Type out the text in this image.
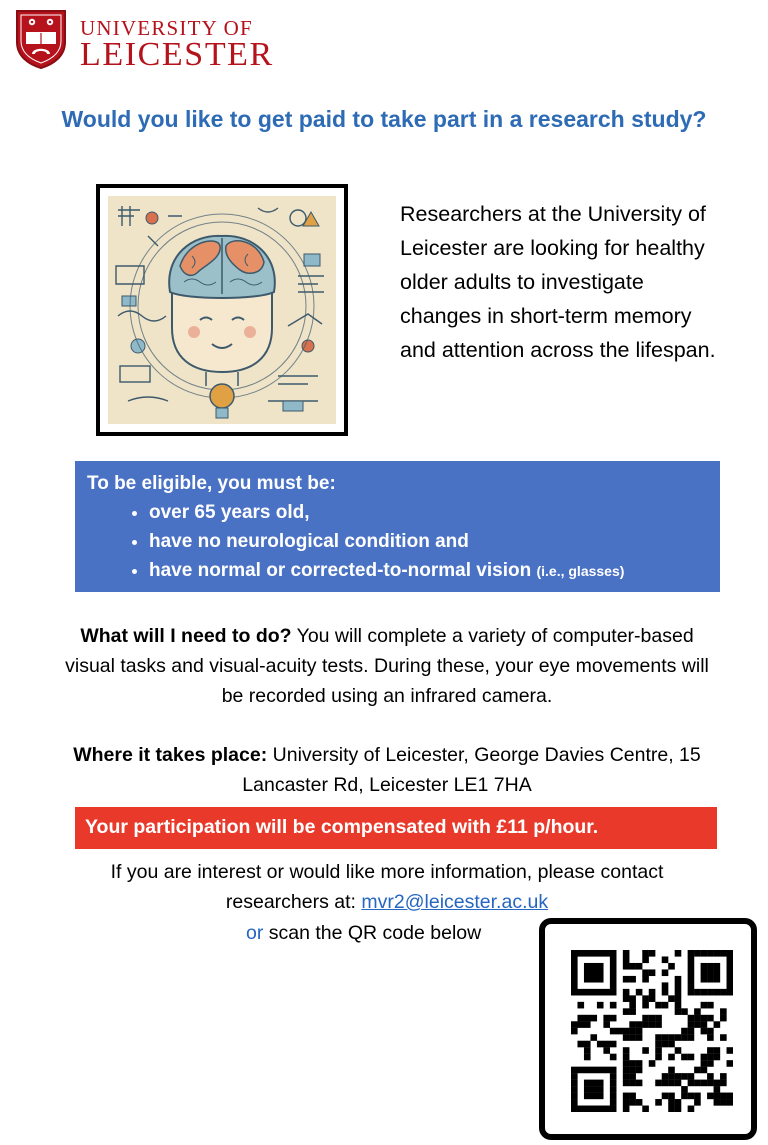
UNIVERSITY OF
LEICESTER
Would you like to get paid to take part in a research study?
Researchers at the University of Leicester are looking for healthy older adults to investigate changes in short-term memory and attention across the lifespan.
To be eligible, you must be:
• over 65 years old,
• have no neurological condition and
• have normal or corrected-to-normal vision (i.e., glasses)
What will I need to do? You will complete a variety of computer-based visual tasks and visual-acuity tests. During these, your eye movements will be recorded using an infrared camera.
Where it takes place: University of Leicester, George Davies Centre, 15 Lancaster Rd, Leicester LE1 7HA
Your participation will be compensated with £11 p/hour.
If you are interest or would like more information, please contact researchers at: mvr2@leicester.ac.uk
or scan the QR code below
